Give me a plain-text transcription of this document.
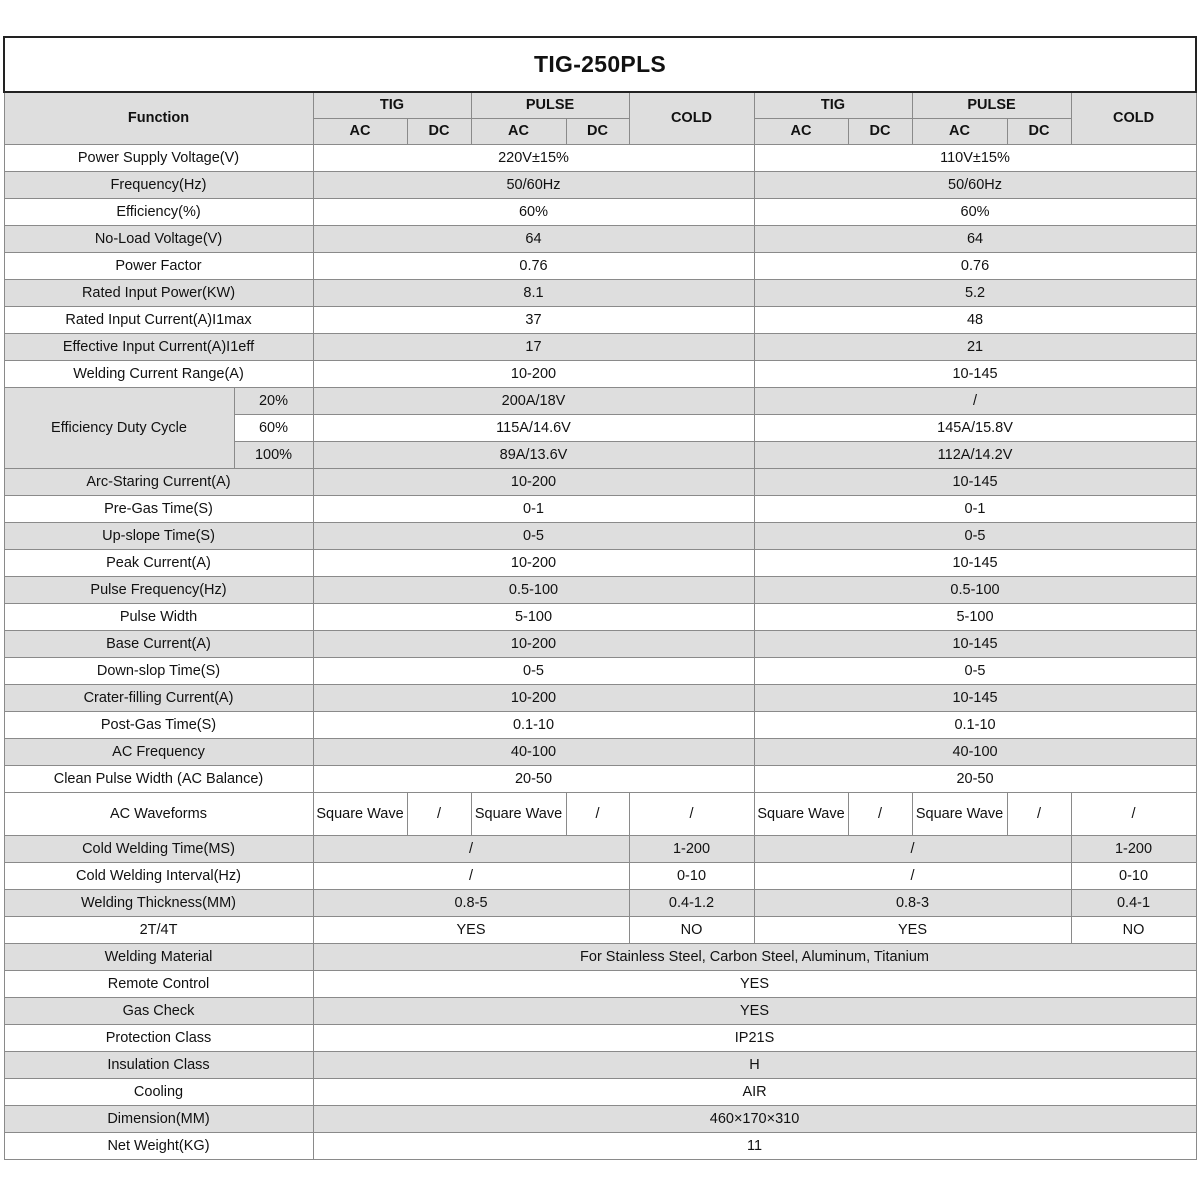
TIG-250PLS											
Function		TIG		PULSE		COLD	TIG		PULSE		COLD
		AC	DC	AC	DC		AC	DC	AC	DC	
Power Supply Voltage(V)		220V±15%					110V±15%				
Frequency(Hz)		50/60Hz					50/60Hz				
Efficiency(%)		60%					60%				
No-Load Voltage(V)		64					64				
Power Factor		0.76					0.76				
Rated Input Power(KW)		8.1					5.2				
Rated Input Current(A)I1max		37					48				
Effective Input Current(A)I1eff		17					21				
Welding Current Range(A)		10-200					10-145				
Efficiency Duty Cycle	20%	200A/18V					/				
	60%	115A/14.6V					145A/15.8V				
	100%	89A/13.6V					112A/14.2V				
Arc-Staring Current(A)		10-200					10-145				
Pre-Gas Time(S)		0-1					0-1				
Up-slope Time(S)		0-5					0-5				
Peak Current(A)		10-200					10-145				
Pulse Frequency(Hz)		0.5-100					0.5-100				
Pulse Width		5-100					5-100				
Base Current(A)		10-200					10-145				
Down-slop Time(S)		0-5					0-5				
Crater-filling Current(A)		10-200					10-145				
Post-Gas Time(S)		0.1-10					0.1-10				
AC Frequency		40-100					40-100				
Clean Pulse Width (AC Balance)		20-50					20-50				
AC Waveforms		Square Wave	/	Square Wave	/	/	Square Wave	/	Square Wave	/	/
Cold Welding Time(MS)		/				1-200	/				1-200
Cold Welding Interval(Hz)		/				0-10	/				0-10
Welding Thickness(MM)		0.8-5				0.4-1.2	0.8-3				0.4-1
2T/4T		YES				NO	YES				NO
Welding Material		For Stainless Steel, Carbon Steel, Aluminum, Titanium									
Remote Control		YES									
Gas Check		YES									
Protection Class		IP21S									
Insulation Class		H									
Cooling		AIR									
Dimension(MM)		460×170×310									
Net Weight(KG)		11									
